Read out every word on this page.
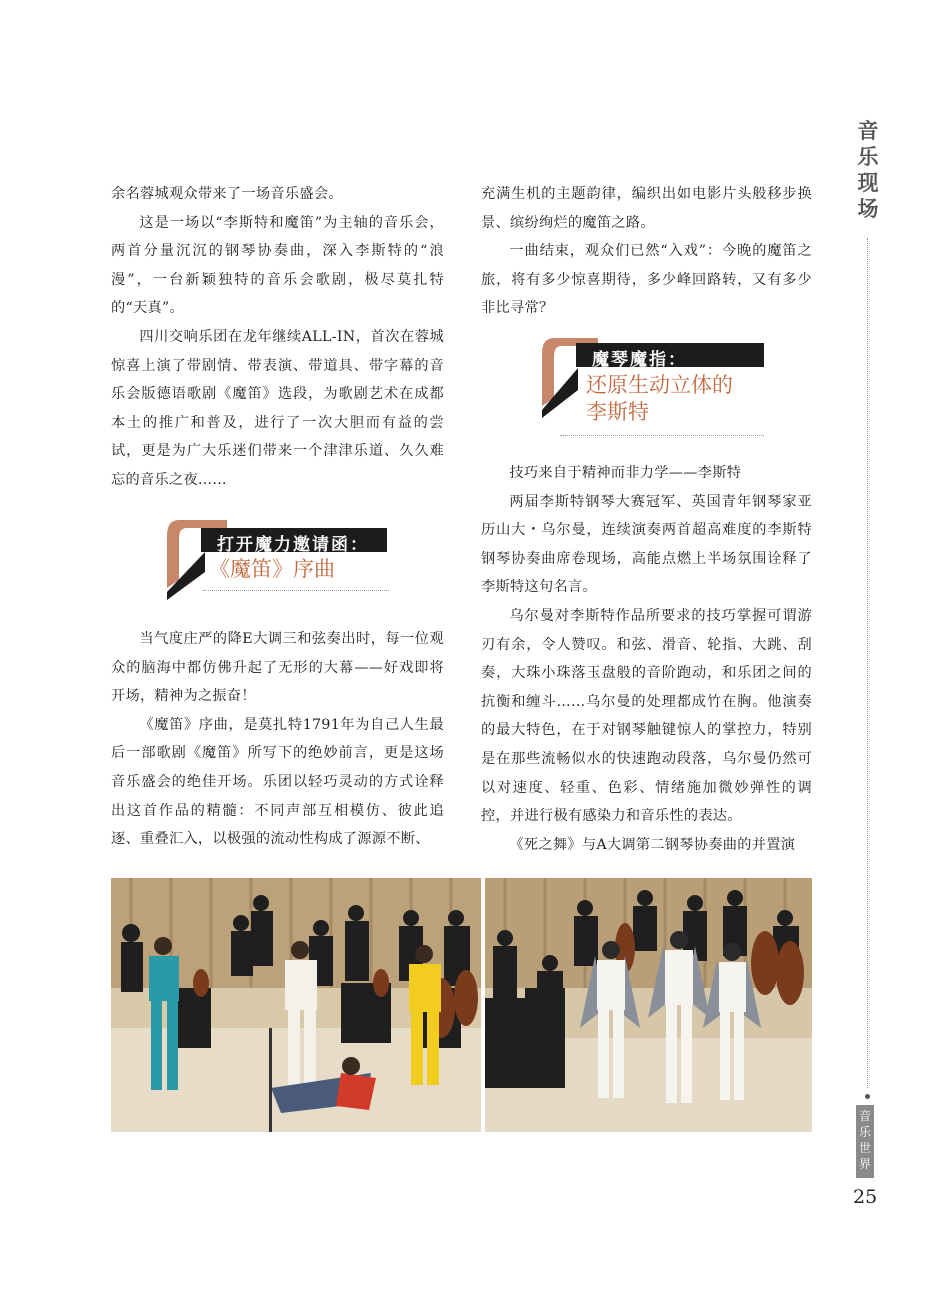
音
乐
现
场
音
乐
世
界
25

余名蓉城观众带来了一场音乐盛会。

这是一场以“李斯特和魔笛”为主轴的音乐会，两首分量沉沉的钢琴协奏曲，深入李斯特的“浪漫”，一台新颖独特的音乐会歌剧，极尽莫扎特的“天真”。

四川交响乐团在龙年继续ALL-IN，首次在蓉城惊喜上演了带剧情、带表演、带道具、带字幕的音乐会版德语歌剧《魔笛》选段，为歌剧艺术在成都本土的推广和普及，进行了一次大胆而有益的尝试，更是为广大乐迷们带来一个津津乐道、久久难忘的音乐之夜……

打开魔力邀请函：
《魔笛》序曲

当气度庄严的降E大调三和弦奏出时，每一位观众的脑海中都仿佛升起了无形的大幕——好戏即将开场，精神为之振奋！

《魔笛》序曲，是莫扎特1791年为自己人生最后一部歌剧《魔笛》所写下的绝妙前言，更是这场音乐盛会的绝佳开场。乐团以轻巧灵动的方式诠释出这首作品的精髓：不同声部互相模仿、彼此追逐、重叠汇入，以极强的流动性构成了源源不断、

充满生机的主题韵律，编织出如电影片头般移步换景、缤纷绚烂的魔笛之路。

一曲结束，观众们已然“入戏”：今晚的魔笛之旅，将有多少惊喜期待，多少峰回路转，又有多少非比寻常？

魔琴魔指：
还原生动立体的李斯特

技巧来自于精神而非力学——李斯特

两届李斯特钢琴大赛冠军、英国青年钢琴家亚历山大・乌尔曼，连续演奏两首超高难度的李斯特钢琴协奏曲席卷现场，高能点燃上半场氛围诠释了李斯特这句名言。

乌尔曼对李斯特作品所要求的技巧掌握可谓游刃有余，令人赞叹。和弦、滑音、轮指、大跳、刮奏，大珠小珠落玉盘般的音阶跑动，和乐团之间的抗衡和缠斗……乌尔曼的处理都成竹在胸。他演奏的最大特色，在于对钢琴触键惊人的掌控力，特别是在那些流畅似水的快速跑动段落，乌尔曼仍然可以对速度、轻重、色彩、情绪施加微妙弹性的调控，并进行极有感染力和音乐性的表达。

《死之舞》与A大调第二钢琴协奏曲的并置演
